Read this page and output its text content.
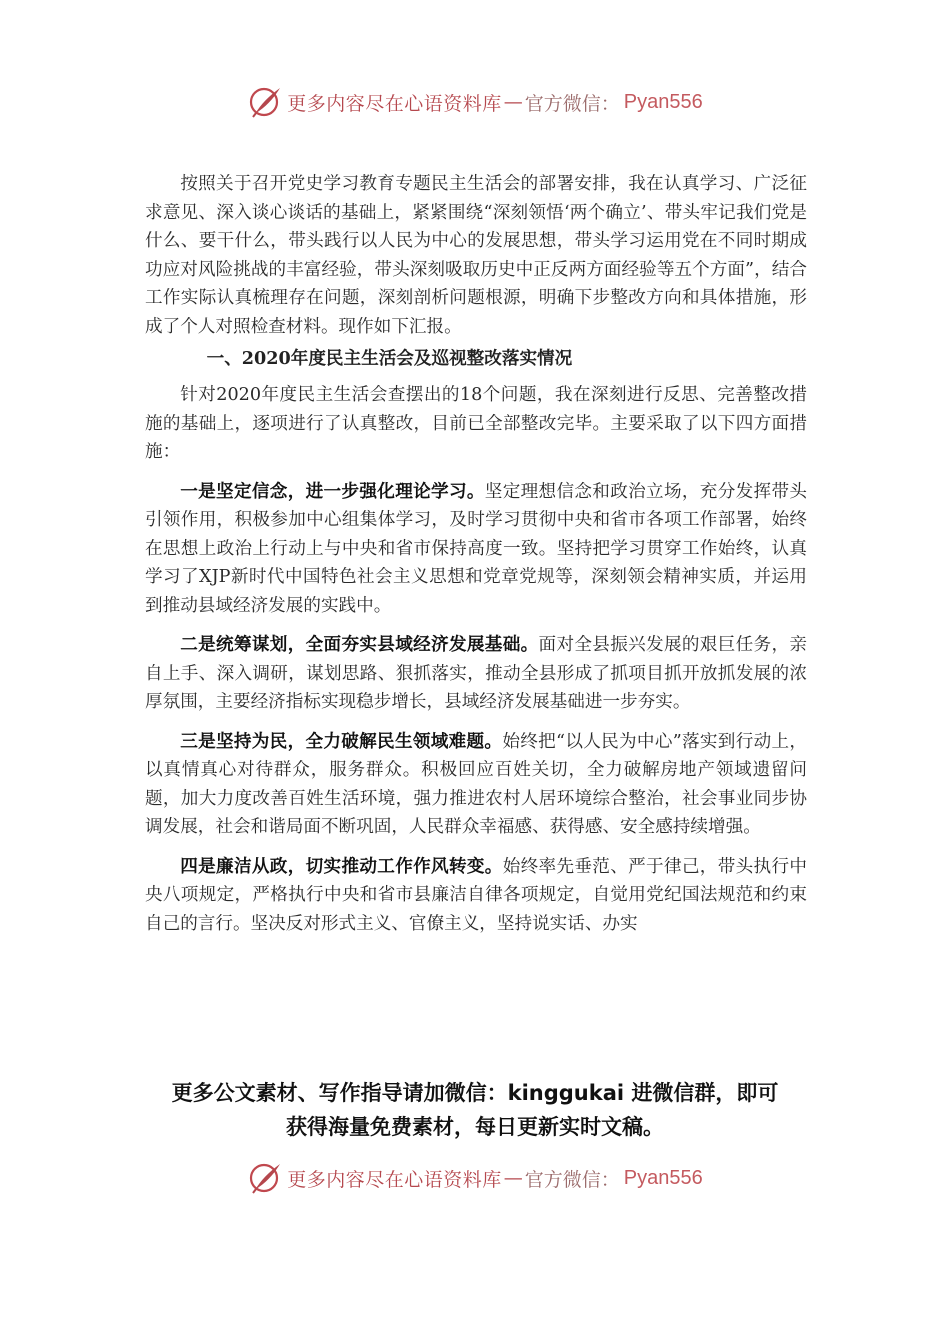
更多内容尽在心语资料库 — 官方微信： Pyan556

按照关于召开党史学习教育专题民主生活会的部署安排，我在认真学习、广泛征求意见、深入谈心谈话的基础上，紧紧围绕“深刻领悟‘两个确立’、带头牢记我们党是什么、要干什么，带头践行以人民为中心的发展思想，带头学习运用党在不同时期成功应对风险挑战的丰富经验，带头深刻吸取历史中正反两方面经验等五个方面”，结合工作实际认真梳理存在问题，深刻剖析问题根源，明确下步整改方向和具体措施，形成了个人对照检查材料。现作如下汇报。

一、2020年度民主生活会及巡视整改落实情况

针对2020年度民主生活会查摆出的18个问题，我在深刻进行反思、完善整改措施的基础上，逐项进行了认真整改，目前已全部整改完毕。主要采取了以下四方面措施：

一是坚定信念，进一步强化理论学习。坚定理想信念和政治立场，充分发挥带头引领作用，积极参加中心组集体学习，及时学习贯彻中央和省市各项工作部署，始终在思想上政治上行动上与中央和省市保持高度一致。坚持把学习贯穿工作始终，认真学习了XJP新时代中国特色社会主义思想和党章党规等，深刻领会精神实质，并运用到推动县域经济发展的实践中。

二是统筹谋划，全面夯实县域经济发展基础。面对全县振兴发展的艰巨任务，亲自上手、深入调研，谋划思路、狠抓落实，推动全县形成了抓项目抓开放抓发展的浓厚氛围，主要经济指标实现稳步增长，县域经济发展基础进一步夯实。

三是坚持为民，全力破解民生领域难题。始终把“以人民为中心”落实到行动上，以真情真心对待群众，服务群众。积极回应百姓关切，全力破解房地产领域遗留问题，加大力度改善百姓生活环境，强力推进农村人居环境综合整治，社会事业同步协调发展，社会和谐局面不断巩固，人民群众幸福感、获得感、安全感持续增强。

四是廉洁从政，切实推动工作作风转变。始终率先垂范、严于律己，带头执行中央八项规定，严格执行中央和省市县廉洁自律各项规定，自觉用党纪国法规范和约束自己的言行。坚决反对形式主义、官僚主义，坚持说实话、办实

更多公文素材、写作指导请加微信：kinggukai 进微信群，即可
获得海量免费素材，每日更新实时文稿。
更多内容尽在心语资料库 — 官方微信： Pyan556
